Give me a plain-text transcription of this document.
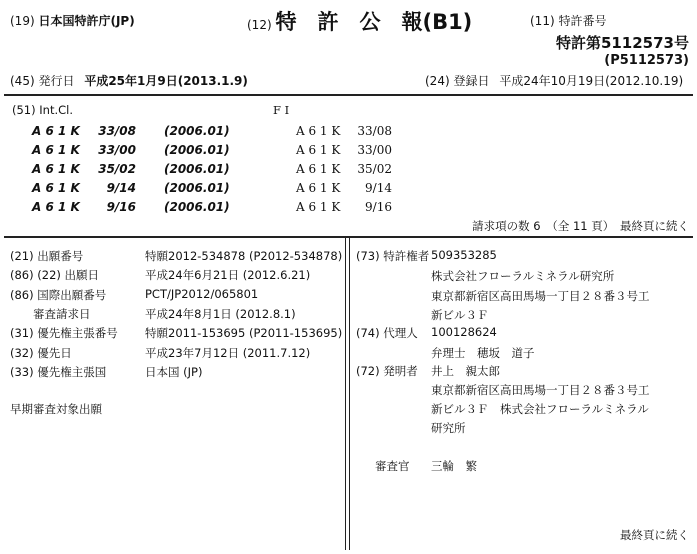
(19) 日本国特許庁(JP)	(12) 特　許　公　報(B1)	(11) 特許番号
特許第5112573号
(P5112573)
(45) 発行日 平成25年1月9日(2013.1.9)	(24) 登録日 平成24年10月19日(2012.10.19)
(51) Int.Cl.	F I
A 6 1 K 33/08 (2006.01)	A 6 1 K	33/08
A 6 1 K 33/00 (2006.01)	A 6 1 K	33/00
A 6 1 K 35/02 (2006.01)	A 6 1 K	35/02
A 6 1 K	9/14 (2006.01)	A 6 1 K	9/14
A 6 1 K	9/16 (2006.01)	A 6 1 K	9/16
請求項の数 6　（全 11 頁）　最終頁に続く
(21) 出願番号	特願2012-534878 (P2012-534878)
(86) (22) 出願日	平成24年6月21日 (2012.6.21)
(86) 国際出願番号	PCT/JP2012/065801
　　審査請求日	平成24年8月1日 (2012.8.1)
(31) 優先権主張番号 特願2011-153695 (P2011-153695)
(32) 優先日	平成23年7月12日 (2011.7.12)
(33) 優先権主張国	日本国 (JP)
早期審査対象出願
(73) 特許権者 509353285
株式会社フローラルミネラル研究所
東京都新宿区高田馬場一丁目２８番３号工
新ビル３Ｆ
(74) 代理人 100128624
弁理士　穂坂　道子
(72) 発明者 井上　親太郎
東京都新宿区高田馬場一丁目２８番３号工
新ビル３Ｆ　株式会社フローラルミネラル
研究所
審査官 三輪　繁
最終頁に続く
